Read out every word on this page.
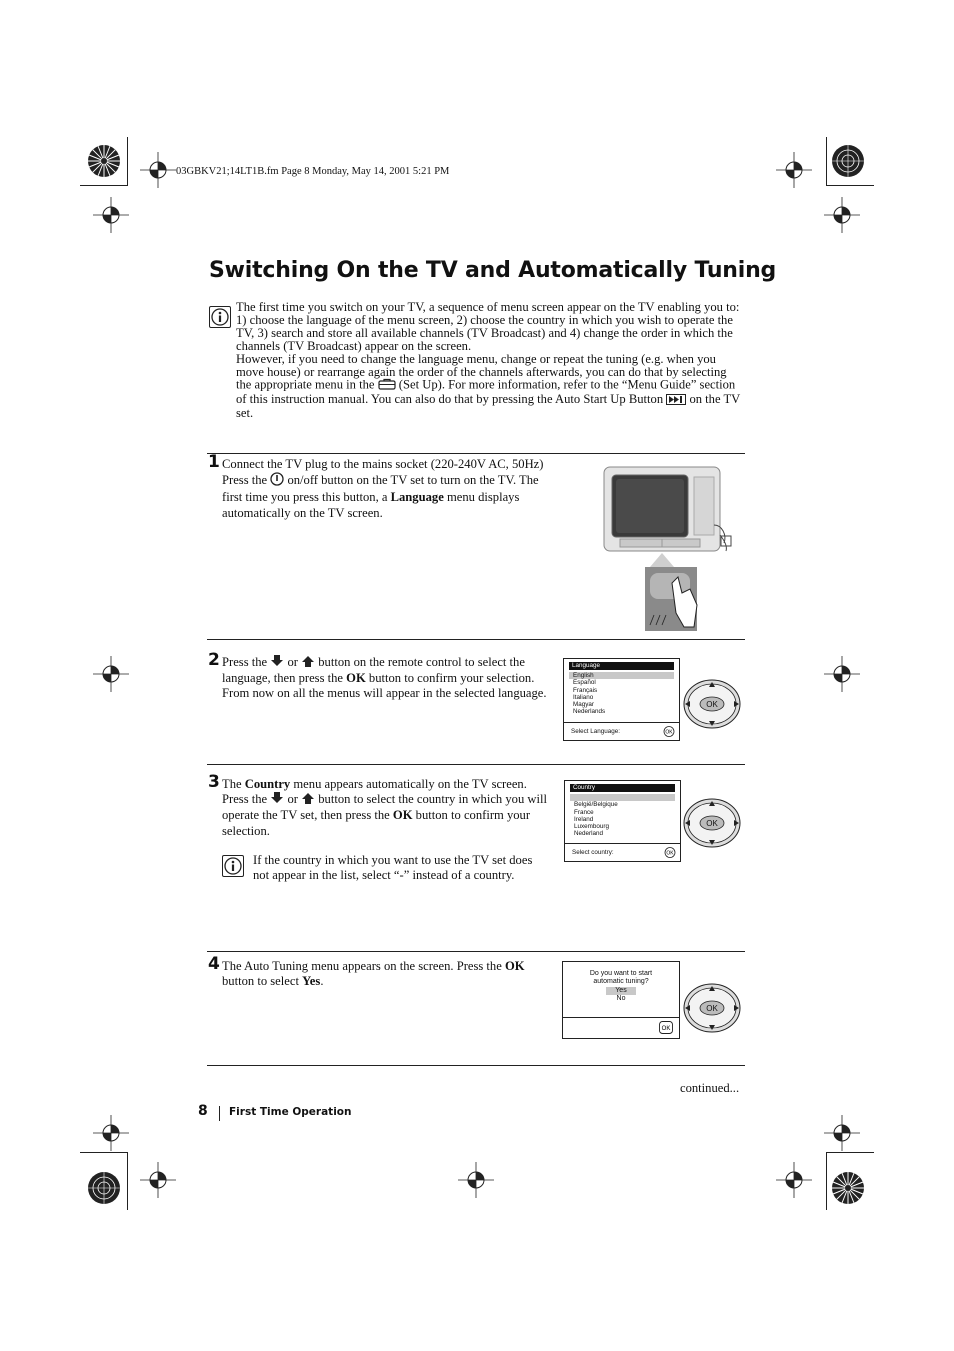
03GBKV21;14LT1B.fm Page 8 Monday, May 14, 2001 5:21 PM
Switching On the TV and Automatically Tuning

The first time you switch on your TV, a sequence of menu screen appear on the TV enabling you to: 1) choose the language of the menu screen, 2) choose the country in which you wish to operate the TV, 3) search and store all available channels (TV Broadcast) and 4) change the order in which the channels (TV Broadcast) appear on the screen.

However, if you need to change the language menu, change or repeat the tuning (e.g. when you move house) or rearrange again the order of the channels afterwards, you can do that by selecting the appropriate menu in the (Set Up). For more information, refer to the “Menu Guide” section of this instruction manual. You can also do that by pressing the Auto Start Up Button on the TV set.

1 Connect the TV plug to the mains socket (220-240V AC, 50Hz)
Press the on/off button on the TV set to turn on the TV. The first time you press this button, a Language menu displays automatically on the TV screen.
2 Press the or button on the remote control to select the language, then press the OK button to confirm your selection. From now on all the menus will appear in the selected language.
Language
English
Español
Français
Italiano
Magyar
Nederlands
Select Language:	OK
OK
3 The Country menu appears automatically on the TV screen. Press the or button to select the country in which you will operate the TV set, then press the OK button to confirm your selection.
If the country in which you want to use the TV set does not appear in the list, select “-” instead of a country.
Country
België/Belgique
France
Ireland
Luxembourg
Nederland
Select country:	OK
OK
4 The Auto Tuning menu appears on the screen. Press the OK button to select Yes.
Do you want to start automatic tuning?
Yes
No
OK
OK
continued...
8 First Time Operation
